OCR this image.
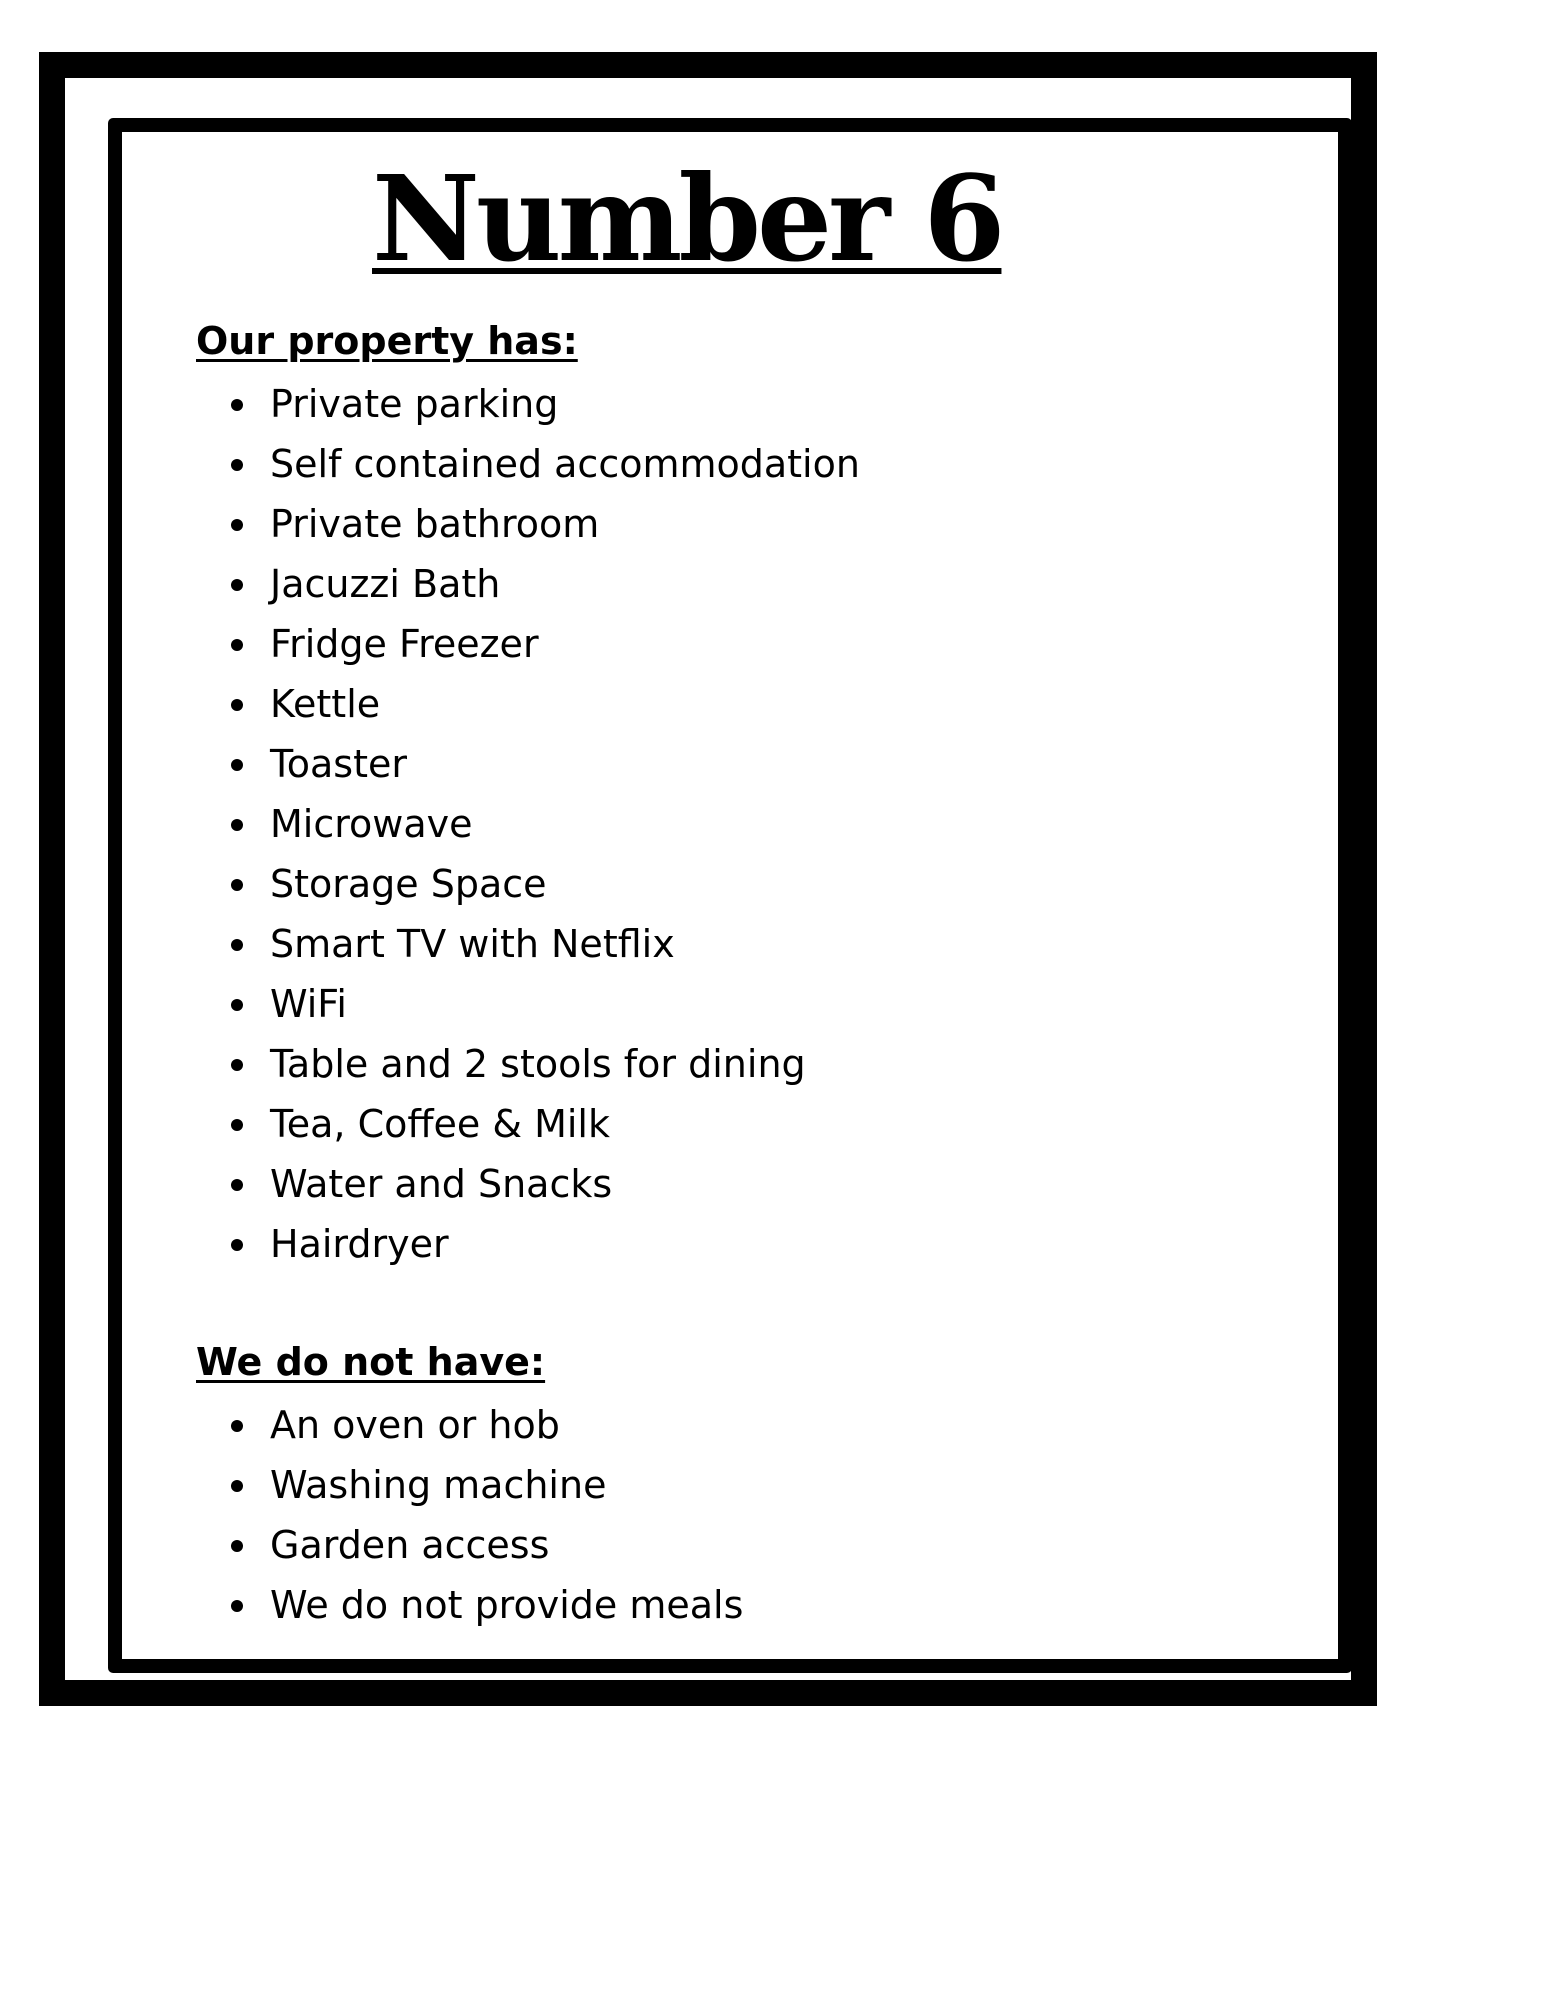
Number 6
Our property has:
Private parking
Self contained accommodation
Private bathroom
Jacuzzi Bath
Fridge Freezer
Kettle
Toaster
Microwave
Storage Space
Smart TV with Netflix
WiFi
Table and 2 stools for dining
Tea, Coffee & Milk
Water and Snacks
Hairdryer
We do not have:
An oven or hob
Washing machine
Garden access
We do not provide meals
